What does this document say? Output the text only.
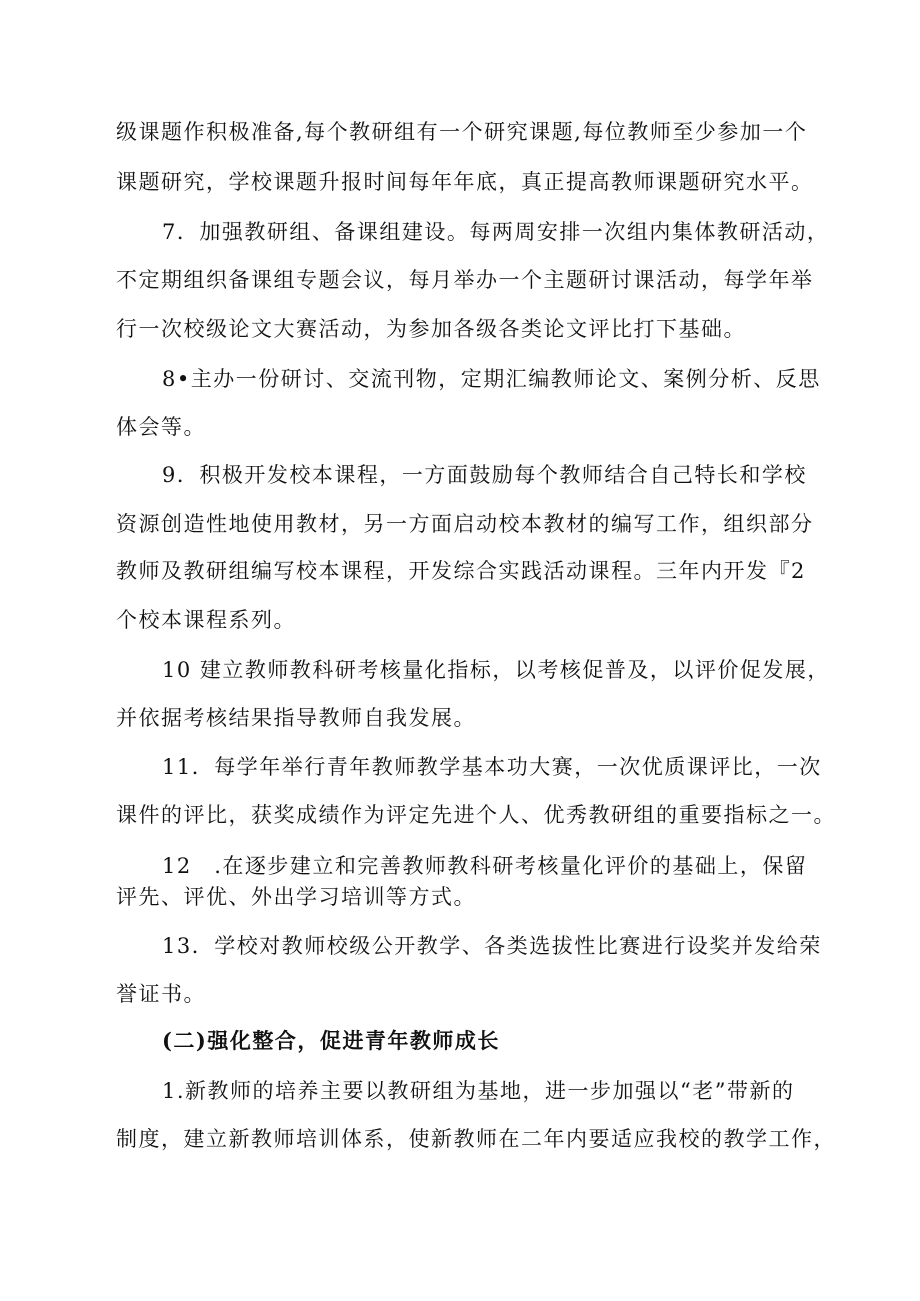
级课题作积极准备,每个教研组有一个研究课题,每位教师至少参加一个
课题研究，学校课题升报时间每年年底，真正提高教师课题研究水平。
7．加强教研组、备课组建设。每两周安排一次组内集体教研活动，
不定期组织备课组专题会议，每月举办一个主题研讨课活动，每学年举
行一次校级论文大赛活动，为参加各级各类论文评比打下基础。
8•主办一份研讨、交流刊物，定期汇编教师论文、案例分析、反思
体会等。
9．积极开发校本课程，一方面鼓励每个教师结合自己特长和学校
资源创造性地使用教材，另一方面启动校本教材的编写工作，组织部分
教师及教研组编写校本课程，开发综合实践活动课程。三年内开发『2
个校本课程系列。
10 建立教师教科研考核量化指标，以考核促普及，以评价促发展，
并依据考核结果指导教师自我发展。
11．每学年举行青年教师教学基本功大赛，一次优质课评比，一次
课件的评比，获奖成绩作为评定先进个人、优秀教研组的重要指标之一。
12　.在逐步建立和完善教师教科研考核量化评价的基础上，保留
评先、评优、外出学习培训等方式。
13．学校对教师校级公开教学、各类选拔性比赛进行设奖并发给荣
誉证书。
(二)强化整合，促进青年教师成长
1.新教师的培养主要以教研组为基地，进一步加强以“老”带新的
制度，建立新教师培训体系，使新教师在二年内要适应我校的教学工作，
